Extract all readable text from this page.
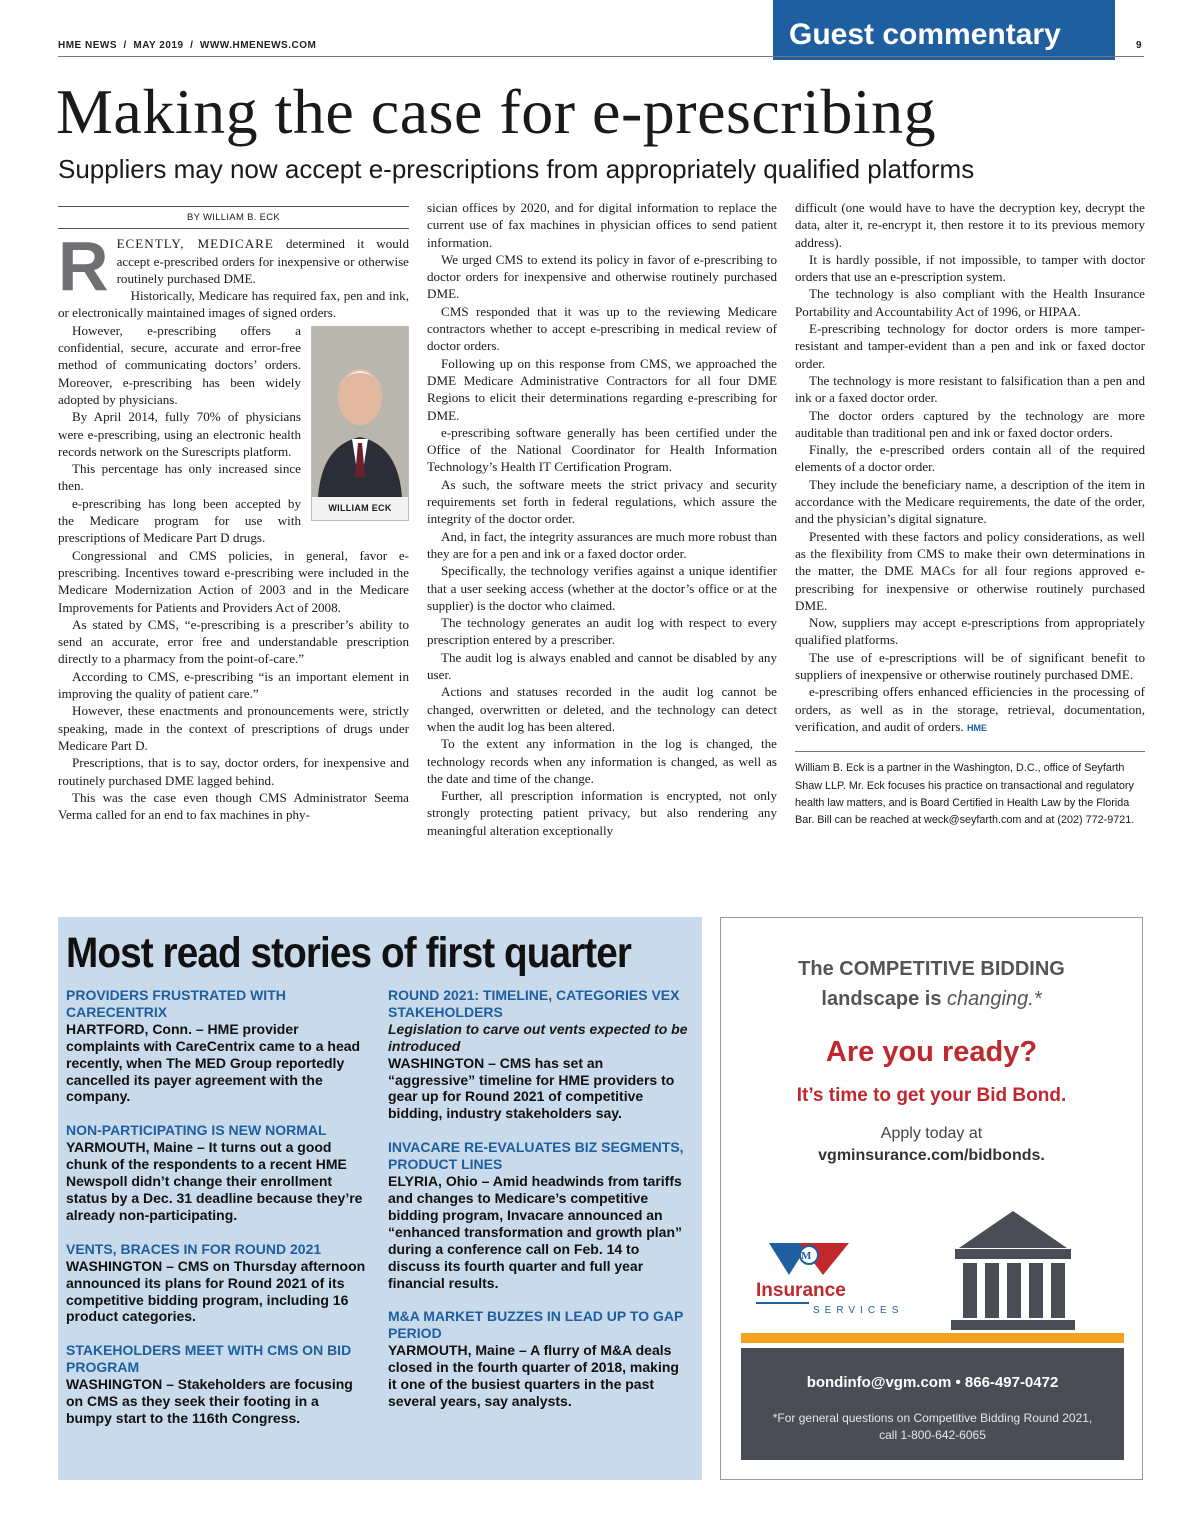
HME NEWS  /  MAY 2019  /  WWW.HMENEWS.COM	Guest commentary	9
Making the case for e-prescribing
Suppliers may now accept e-prescriptions from appropriately qualified platforms
BY WILLIAM B. ECK

RECENTLY, MEDICARE determined it would accept e-prescribed orders for inexpensive or otherwise routinely purchased DME.

Historically, Medicare has required fax, pen and ink, or electronically maintained images of signed orders.

WILLIAM ECK

However, e-prescribing offers a confidential, secure, accurate and error-free method of communicating doctors’ orders. Moreover, e-prescribing has been widely adopted by physicians.

By April 2014, fully 70% of physicians were e-prescribing, using an electronic health records network on the Surescripts platform.

This percentage has only increased since then.

e-prescribing has long been accepted by the Medicare program for use with prescriptions of Medicare Part D drugs.

Congressional and CMS policies, in general, favor e-prescribing. Incentives toward e-prescribing were included in the Medicare Modernization Action of 2003 and in the Medicare Improvements for Patients and Providers Act of 2008.

As stated by CMS, “e-prescribing is a prescriber’s ability to send an accurate, error free and understandable prescription directly to a pharmacy from the point-of-care.”

According to CMS, e-prescribing “is an important element in improving the quality of patient care.”

However, these enactments and pronouncements were, strictly speaking, made in the context of prescriptions of drugs under Medicare Part D.

Prescriptions, that is to say, doctor orders, for inexpensive and routinely purchased DME lagged behind.

This was the case even though CMS Administrator Seema Verma called for an end to fax machines in phy-

sician offices by 2020, and for digital information to replace the current use of fax machines in physician offices to send patient information.

We urged CMS to extend its policy in favor of e-prescribing to doctor orders for inexpensive and otherwise routinely purchased DME.

CMS responded that it was up to the reviewing Medicare contractors whether to accept e-prescribing in medical review of doctor orders.

Following up on this response from CMS, we approached the DME Medicare Administrative Contractors for all four DME Regions to elicit their determinations regarding e-prescribing for DME.

e-prescribing software generally has been certified under the Office of the National Coordinator for Health Information Technology’s Health IT Certification Program.

As such, the software meets the strict privacy and security requirements set forth in federal regulations, which assure the integrity of the doctor order.

And, in fact, the integrity assurances are much more robust than they are for a pen and ink or a faxed doctor order.

Specifically, the technology verifies against a unique identifier that a user seeking access (whether at the doctor’s office or at the supplier) is the doctor who claimed.

The technology generates an audit log with respect to every prescription entered by a prescriber.

The audit log is always enabled and cannot be disabled by any user.

Actions and statuses recorded in the audit log cannot be changed, overwritten or deleted, and the technology can detect when the audit log has been altered.

To the extent any information in the log is changed, the technology records when any information is changed, as well as the date and time of the change.

Further, all prescription information is encrypted, not only strongly protecting patient privacy, but also rendering any meaningful alteration exceptionally

difficult (one would have to have the decryption key, decrypt the data, alter it, re-encrypt it, then restore it to its previous memory address).

It is hardly possible, if not impossible, to tamper with doctor orders that use an e-prescription system.

The technology is also compliant with the Health Insurance Portability and Accountability Act of 1996, or HIPAA.

E-prescribing technology for doctor orders is more tamper-resistant and tamper-evident than a pen and ink or faxed doctor order.

The technology is more resistant to falsification than a pen and ink or a faxed doctor order.

The doctor orders captured by the technology are more auditable than traditional pen and ink or faxed doctor orders.

Finally, the e-prescribed orders contain all of the required elements of a doctor order.

They include the beneficiary name, a description of the item in accordance with the Medicare requirements, the date of the order, and the physician’s digital signature.

Presented with these factors and policy considerations, as well as the flexibility from CMS to make their own determinations in the matter, the DME MACs for all four regions approved e-prescribing for inexpensive or otherwise routinely purchased DME.

Now, suppliers may accept e-prescriptions from appropriately qualified platforms.

The use of e-prescriptions will be of significant benefit to suppliers of inexpensive or otherwise routinely purchased DME.

e-prescribing offers enhanced efficiencies in the processing of orders, as well as in the storage, retrieval, documentation, verification, and audit of orders. HME

William B. Eck is a partner in the Washington, D.C., office of Seyfarth Shaw LLP. Mr. Eck focuses his practice on transactional and regulatory health law matters, and is Board Certified in Health Law by the Florida Bar. Bill can be reached at weck@seyfarth.com and at (202) 772-9721.
Most read stories of first quarter
PROVIDERS FRUSTRATED WITH CARECENTRIX
HARTFORD, Conn. – HME provider complaints with CareCentrix came to a head recently, when The MED Group reportedly cancelled its payer agreement with the company.
NON-PARTICIPATING IS NEW NORMAL
YARMOUTH, Maine – It turns out a good chunk of the respondents to a recent HME Newspoll didn’t change their enrollment status by a Dec. 31 deadline because they’re already non-participating.
VENTS, BRACES IN FOR ROUND 2021
WASHINGTON – CMS on Thursday afternoon announced its plans for Round 2021 of its competitive bidding program, including 16 product categories.
STAKEHOLDERS MEET WITH CMS ON BID PROGRAM
WASHINGTON – Stakeholders are focusing on CMS as they seek their footing in a bumpy start to the 116th Congress.
ROUND 2021: TIMELINE, CATEGORIES VEX STAKEHOLDERS
Legislation to carve out vents expected to be introduced
WASHINGTON – CMS has set an “aggressive” timeline for HME providers to gear up for Round 2021 of competitive bidding, industry stakeholders say.
INVACARE RE-EVALUATES BIZ SEGMENTS, PRODUCT LINES
ELYRIA, Ohio – Amid headwinds from tariffs and changes to Medicare’s competitive bidding program, Invacare announced an “enhanced transformation and growth plan” during a conference call on Feb. 14 to discuss its fourth quarter and full year financial results.
M&A MARKET BUZZES IN LEAD UP TO GAP PERIOD
YARMOUTH, Maine – A flurry of M&A deals closed in the fourth quarter of 2018, making it one of the busiest quarters in the past several years, say analysts.
The COMPETITIVE BIDDING
landscape is changing.*
Are you ready?
It’s time to get your Bid Bond.
Apply today at
vgminsurance.com/bidbonds.
M
Insurance
SERVICES
bondinfo@vgm.com • 866-497-0472
*For general questions on Competitive Bidding Round 2021, call 1-800-642-6065
